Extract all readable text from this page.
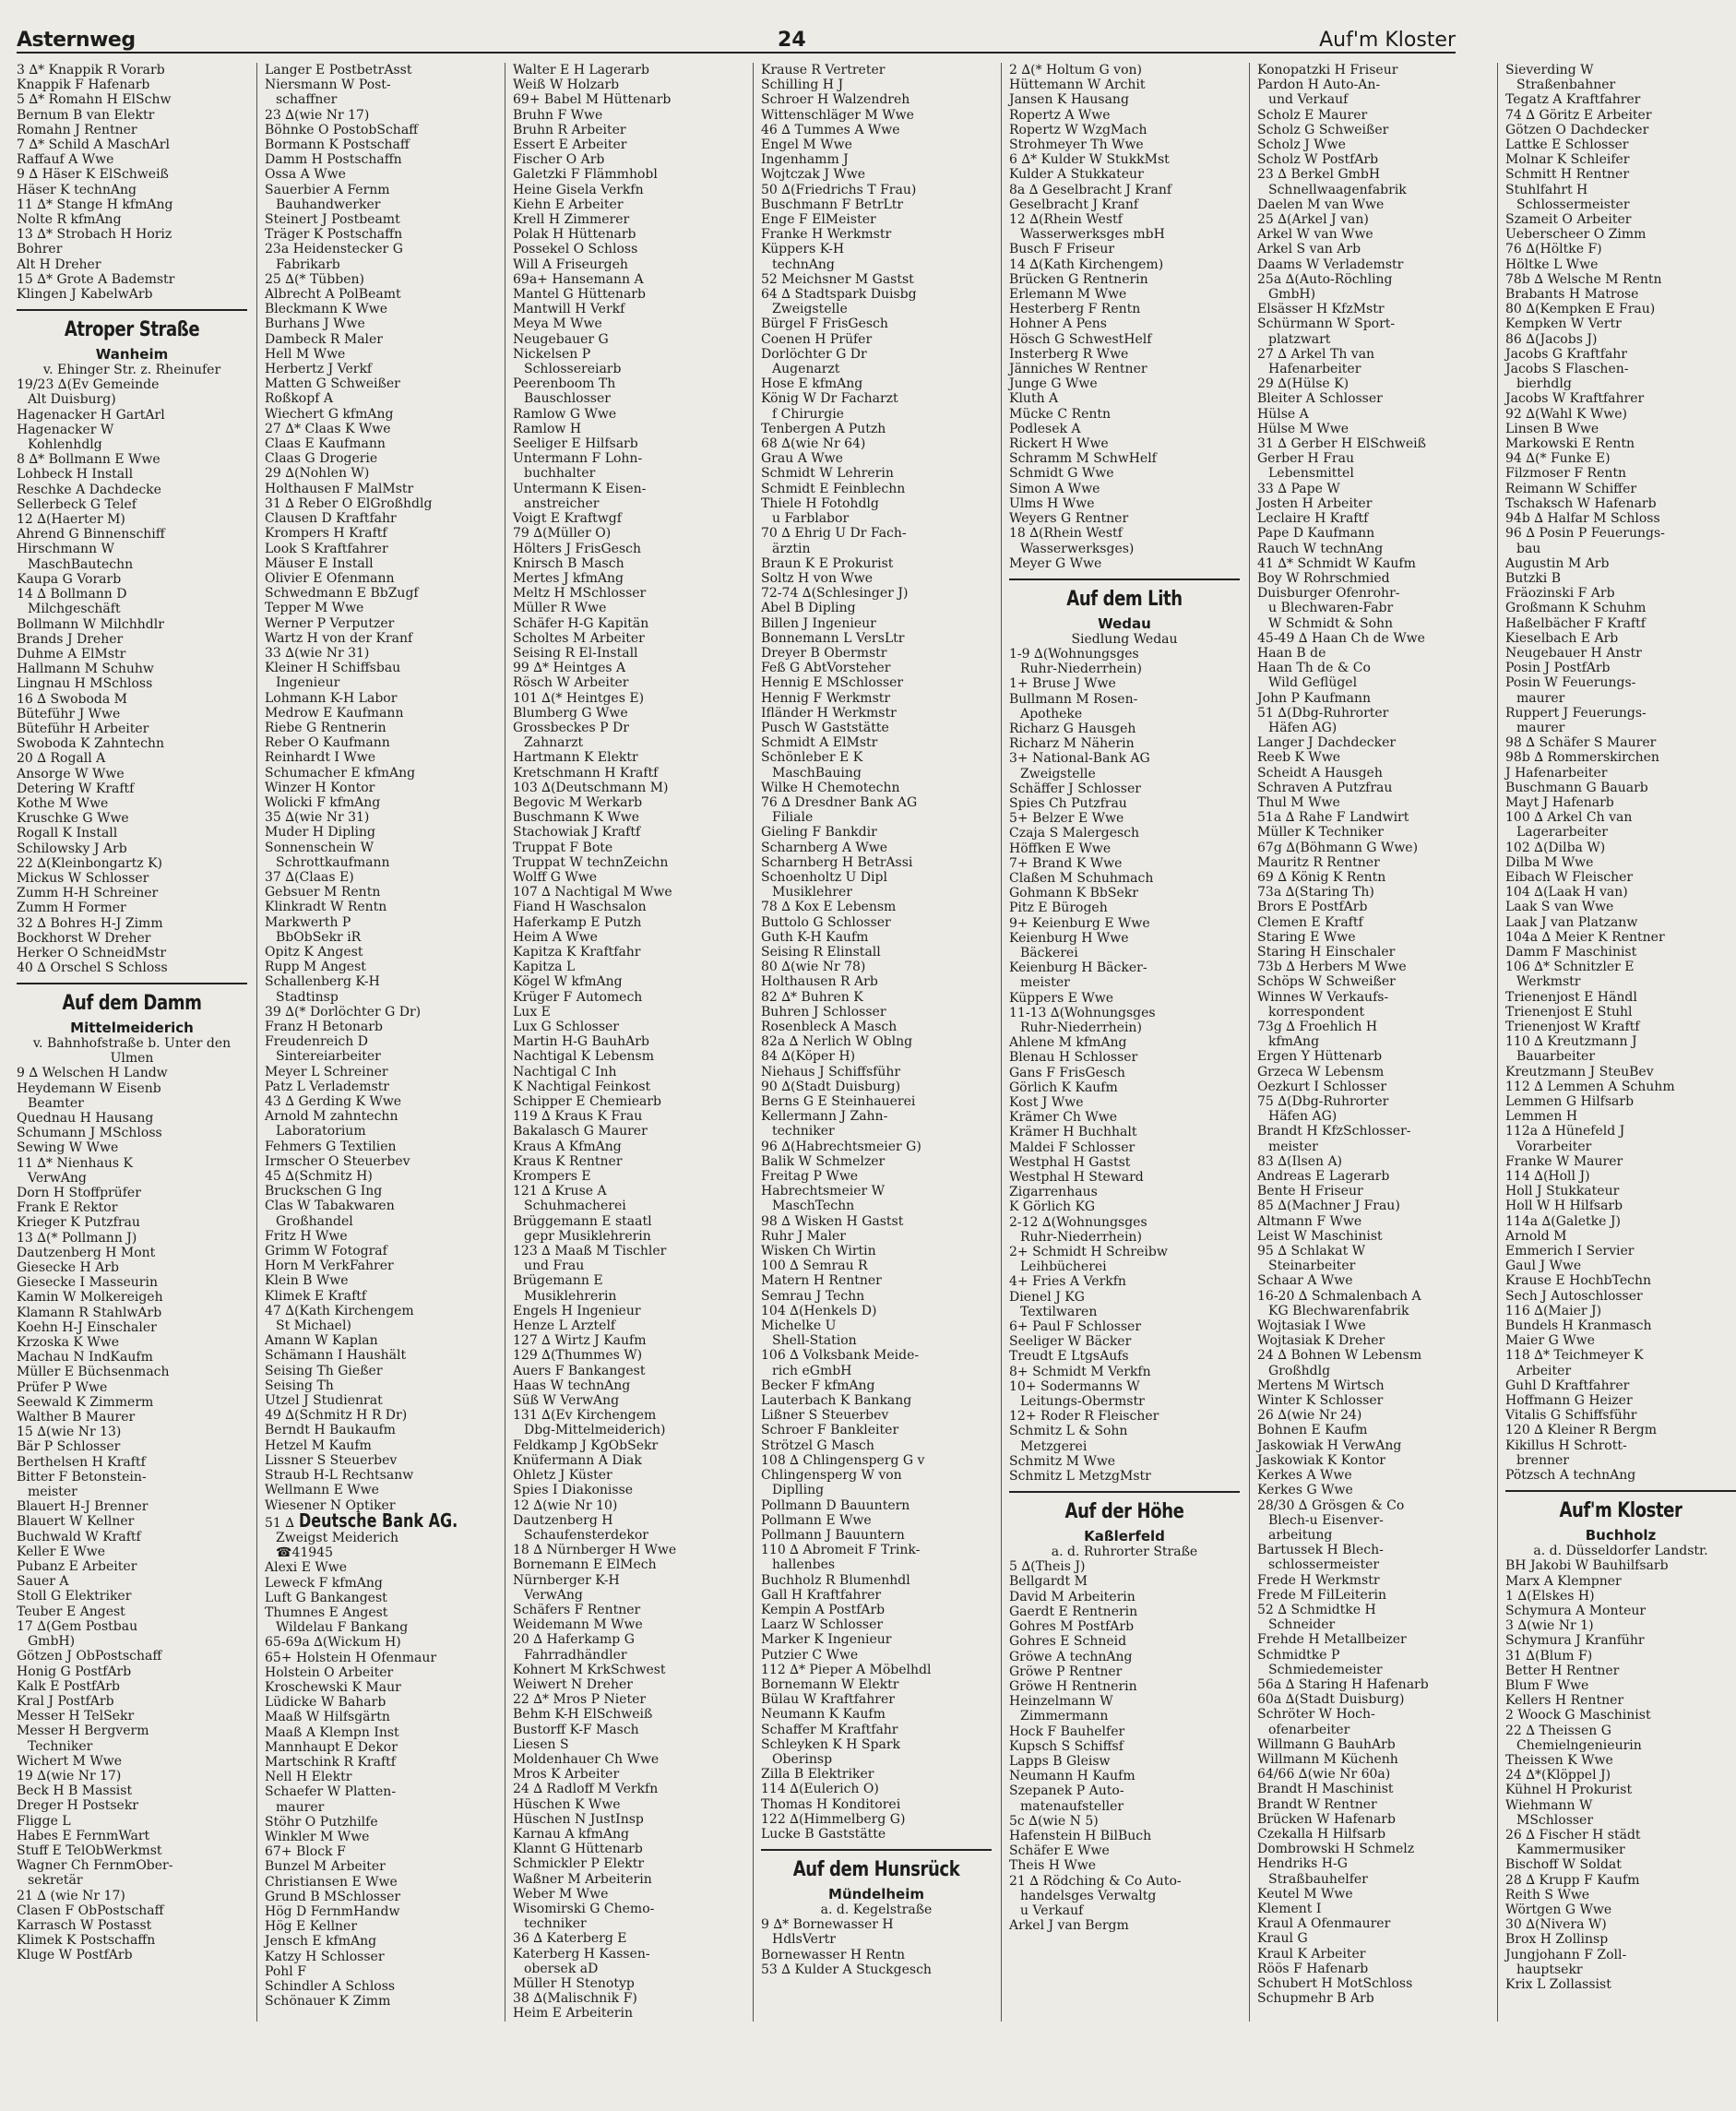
Asternweg	24	Auf'm Kloster
3 ∆* Knappik R Vorarb
Knappik F Hafenarb
5 ∆* Romahn H ElSchw
Bernum B van Elektr
Romahn J Rentner
7 ∆* Schild A MaschArl
Raffauf A Wwe
9 ∆ Häser K ElSchweiß
Häser K technAng
11 ∆* Stange H kfmAng
Nolte R kfmAng
13 ∆* Strobach H Horiz
Bohrer
Alt H Dreher
15 ∆* Grote A Bademstr
Klingen J KabelwArb
Atroper Straße
Wanheim
v. Ehinger Str. z. Rheinufer
19/23 ∆(Ev Gemeinde
Alt Duisburg)
Hagenacker H GartArl
Hagenacker W
Kohlenhdlg
8 ∆* Bollmann E Wwe
Lohbeck H Install
Reschke A Dachdecke
Sellerbeck G Telef
12 ∆(Haerter M)
Ahrend G Binnenschiff
Hirschmann W
MaschBautechn
Kaupa G Vorarb
14 ∆ Bollmann D
Milchgeschäft
Bollmann W Milchhdlr
Brands J Dreher
Duhme A ElMstr
Hallmann M Schuhw
Lingnau H MSchloss
16 ∆ Swoboda M
Büteführ J Wwe
Büteführ H Arbeiter
Swoboda K Zahntechn
20 ∆ Rogall A
Ansorge W Wwe
Detering W Kraftf
Kothe M Wwe
Kruschke G Wwe
Rogall K Install
Schilowsky J Arb
22 ∆(Kleinbongartz K)
Mickus W Schlosser
Zumm H-H Schreiner
Zumm H Former
32 ∆ Bohres H-J Zimm
Bockhorst W Dreher
Herker O SchneidMstr
40 ∆ Orschel S Schloss
Auf dem Damm
Mittelmeiderich
v. Bahnhofstraße b. Unter den Ulmen
9 ∆ Welschen H Landw
Heydemann W Eisenb
Beamter
Quednau H Hausang
Schumann J MSchloss
Sewing W Wwe
11 ∆* Nienhaus K
VerwAng
Dorn H Stoffprüfer
Frank E Rektor
Krieger K Putzfrau
13 ∆(* Pollmann J)
Dautzenberg H Mont
Giesecke H Arb
Giesecke I Masseurin
Kamin W Molkereigeh
Klamann R StahlwArb
Koehn H-J Einschaler
Krzoska K Wwe
Machau N IndKaufm
Müller E Büchsenmach
Prüfer P Wwe
Seewald K Zimmerm
Walther B Maurer
15 ∆(wie Nr 13)
Bär P Schlosser
Berthelsen H Kraftf
Bitter F Betonstein-
meister
Blauert H-J Brenner
Blauert W Kellner
Buchwald W Kraftf
Keller E Wwe
Pubanz E Arbeiter
Sauer A
Stoll G Elektriker
Teuber E Angest
17 ∆(Gem Postbau
GmbH)
Götzen J ObPostschaff
Honig G PostfArb
Kalk E PostfArb
Kral J PostfArb
Messer H TelSekr
Messer H Bergverm
Techniker
Wichert M Wwe
19 ∆(wie Nr 17)
Beck H B Massist
Dreger H Postsekr
Fligge L
Habes E FernmWart
Stuff E TelObWerkmst
Wagner Ch FernmOber-
sekretär
21 ∆ (wie Nr 17)
Clasen F ObPostschaff
Karrasch W Postasst
Klimek K Postschaffn
Kluge W PostfArb
Langer E PostbetrAsst
Niersmann W Post-
schaffner
23 ∆(wie Nr 17)
Böhnke O PostobSchaff
Bormann K Postschaff
Damm H Postschaffn
Ossa A Wwe
Sauerbier A Fernm
Bauhandwerker
Steinert J Postbeamt
Träger K Postschaffn
23a Heidenstecker G
Fabrikarb
25 ∆(* Tübben)
Albrecht A PolBeamt
Bleckmann K Wwe
Burhans J Wwe
Dambeck R Maler
Hell M Wwe
Herbertz J Verkf
Matten G Schweißer
Roßkopf A
Wiechert G kfmAng
27 ∆* Claas K Wwe
Claas E Kaufmann
Claas G Drogerie
29 ∆(Nohlen W)
Holthausen F MalMstr
31 ∆ Reber O ElGroßhdlg
Clausen D Kraftfahr
Krompers H Kraftf
Look S Kraftfahrer
Mäuser E Install
Olivier E Ofenmann
Schwedmann E BbZugf
Tepper M Wwe
Werner P Verputzer
Wartz H von der Kranf
33 ∆(wie Nr 31)
Kleiner H Schiffsbau
Ingenieur
Lohmann K-H Labor
Medrow E Kaufmann
Riebe G Rentnerin
Reber O Kaufmann
Reinhardt I Wwe
Schumacher E kfmAng
Winzer H Kontor
Wolicki F kfmAng
35 ∆(wie Nr 31)
Muder H Dipling
Sonnenschein W
Schrottkaufmann
37 ∆(Claas E)
Gebsuer M Rentn
Klinkradt W Rentn
Markwerth P
BbObSekr iR
Opitz K Angest
Rupp M Angest
Schallenberg K-H
Stadtinsp
39 ∆(* Dorlöchter G Dr)
Franz H Betonarb
Freudenreich D
Sintereiarbeiter
Meyer L Schreiner
Patz L Verlademstr
43 ∆ Gerding K Wwe
Arnold M zahntechn
Laboratorium
Fehmers G Textilien
Irmscher O Steuerbev
45 ∆(Schmitz H)
Bruckschen G Ing
Clas W Tabakwaren
Großhandel
Fritz H Wwe
Grimm W Fotograf
Horn M VerkFahrer
Klein B Wwe
Klimek E Kraftf
47 ∆(Kath Kirchengem
St Michael)
Amann W Kaplan
Schämann I Haushält
Seising Th Gießer
Seising Th
Utzel J Studienrat
49 ∆(Schmitz H R Dr)
Berndt H Baukaufm
Hetzel M Kaufm
Lissner S Steuerbev
Straub H-L Rechtsanw
Wellmann E Wwe
Wiesener N Optiker
51 ∆ Deutsche Bank AG.
Zweigst Meiderich
☎41945
Alexi E Wwe
Leweck F kfmAng
Luft G Bankangest
Thumnes E Angest
Wildelau F Bankang
65-69a ∆(Wickum H)
65+ Holstein H Ofenmaur
Holstein O Arbeiter
Kroschewski K Maur
Lüdicke W Baharb
Maaß W Hilfsgärtn
Maaß A Klempn Inst
Mannhaupt E Dekor
Martschink R Kraftf
Nell H Elektr
Schaefer W Platten-
maurer
Stöhr O Putzhilfe
Winkler M Wwe
67+ Block F
Bunzel M Arbeiter
Christiansen E Wwe
Grund B MSchlosser
Hög D FernmHandw
Hög E Kellner
Jensch E kfmAng
Katzy H Schlosser
Pohl F
Schindler A Schloss
Schönauer K Zimm
Walter E H Lagerarb
Weiß W Holzarb
69+ Babel M Hüttenarb
Bruhn F Wwe
Bruhn R Arbeiter
Essert E Arbeiter
Fischer O Arb
Galetzki F Flämmhobl
Heine Gisela Verkfn
Kiehn E Arbeiter
Krell H Zimmerer
Polak H Hüttenarb
Possekel O Schloss
Will A Friseurgeh
69a+ Hansemann A
Mantel G Hüttenarb
Mantwill H Verkf
Meya M Wwe
Neugebauer G
Nickelsen P
Schlossereiarb
Peerenboom Th
Bauschlosser
Ramlow G Wwe
Ramlow H
Seeliger E Hilfsarb
Untermann F Lohn-
buchhalter
Untermann K Eisen-
anstreicher
Voigt E Kraftwgf
79 ∆(Müller O)
Hölters J FrisGesch
Knirsch B Masch
Mertes J kfmAng
Meltz H MSchlosser
Müller R Wwe
Schäfer H-G Kapitän
Scholtes M Arbeiter
Seising R El-Install
99 ∆* Heintges A
Rösch W Arbeiter
101 ∆(* Heintges E)
Blumberg G Wwe
Grossbeckes P Dr
Zahnarzt
Hartmann K Elektr
Kretschmann H Kraftf
103 ∆(Deutschmann M)
Begovic M Werkarb
Buschmann K Wwe
Stachowiak J Kraftf
Truppat F Bote
Truppat W technZeichn
Wolff G Wwe
107 ∆ Nachtigal M Wwe
Fiand H Waschsalon
Haferkamp E Putzh
Heim A Wwe
Kapitza K Kraftfahr
Kapitza L
Kögel W kfmAng
Krüger F Automech
Lux E
Lux G Schlosser
Martin H-G BauhArb
Nachtigal K Lebensm
Nachtigal C Inh
K Nachtigal Feinkost
Schipper E Chemiearb
119 ∆ Kraus K Frau
Bakalasch G Maurer
Kraus A KfmAng
Kraus K Rentner
Krompers E
121 ∆ Kruse A
Schuhmacherei
Brüggemann E staatl
gepr Musiklehrerin
123 ∆ Maaß M Tischler
und Frau
Brügemann E
Musiklehrerin
Engels H Ingenieur
Henze L Arztelf
127 ∆ Wirtz J Kaufm
129 ∆(Thummes W)
Auers F Bankangest
Haas W technAng
Süß W VerwAng
131 ∆(Ev Kirchengem
Dbg-Mittelmeiderich)
Feldkamp J KgObSekr
Knüfermann A Diak
Ohletz J Küster
Spies I Diakonisse
12 ∆(wie Nr 10)
Dautzenberg H
Schaufensterdekor
18 ∆ Nürnberger H Wwe
Bornemann E ElMech
Nürnberger K-H
VerwAng
Schäfers F Rentner
Weidemann M Wwe
20 ∆ Haferkamp G
Fahrradhändler
Kohnert M KrkSchwest
Weiwert N Dreher
22 ∆* Mros P Nieter
Behm K-H ElSchweiß
Bustorff K-F Masch
Liesen S
Moldenhauer Ch Wwe
Mros K Arbeiter
24 ∆ Radloff M Verkfn
Hüschen K Wwe
Hüschen N JustInsp
Karnau A kfmAng
Klannt G Hüttenarb
Schmickler P Elektr
Waßner M Arbeiterin
Weber M Wwe
Wisomirski G Chemo-
techniker
36 ∆ Katerberg E
Katerberg H Kassen-
obersek aD
Müller H Stenotyp
38 ∆(Malischnik F)
Heim E Arbeiterin
Krause R Vertreter
Schilling H J
Schroer H Walzendreh
Wittenschläger M Wwe
46 ∆ Tummes A Wwe
Engel M Wwe
Ingenhamm J
Wojtczak J Wwe
50 ∆(Friedrichs T Frau)
Buschmann F BetrLtr
Enge F ElMeister
Franke H Werkmstr
Küppers K-H
technAng
52 Meichsner M Gastst
64 ∆ Stadtspark Duisbg
Zweigstelle
Bürgel F FrisGesch
Coenen H Prüfer
Dorlöchter G Dr
Augenarzt
Hose E kfmAng
König W Dr Facharzt
f Chirurgie
Tenbergen A Putzh
68 ∆(wie Nr 64)
Grau A Wwe
Schmidt W Lehrerin
Schmidt E Feinblechn
Thiele H Fotohdlg
u Farblabor
70 ∆ Ehrig U Dr Fach-
ärztin
Braun K E Prokurist
Soltz H von Wwe
72-74 ∆(Schlesinger J)
Abel B Dipling
Billen J Ingenieur
Bonnemann L VersLtr
Dreyer B Obermstr
Feß G AbtVorsteher
Hennig E MSchlosser
Hennig F Werkmstr
Ifländer H Werkmstr
Pusch W Gaststätte
Schmidt A ElMstr
Schönleber E K
MaschBauing
Wilke H Chemotechn
76 ∆ Dresdner Bank AG
Filiale
Gieling F Bankdir
Scharnberg A Wwe
Scharnberg H BetrAssi
Schoenholtz U Dipl
Musiklehrer
78 ∆ Kox E Lebensm
Buttolo G Schlosser
Guth K-H Kaufm
Seising R Elinstall
80 ∆(wie Nr 78)
Holthausen R Arb
82 ∆* Buhren K
Buhren J Schlosser
Rosenbleck A Masch
82a ∆ Nerlich W Oblng
84 ∆(Köper H)
Niehaus J Schiffsführ
90 ∆(Stadt Duisburg)
Berns G E Steinhauerei
Kellermann J Zahn-
techniker
96 ∆(Habrechtsmeier G)
Balik W Schmelzer
Freitag P Wwe
Habrechtsmeier W
MaschTechn
98 ∆ Wisken H Gastst
Ruhr J Maler
Wisken Ch Wirtin
100 ∆ Semrau R
Matern H Rentner
Semrau J Techn
104 ∆(Henkels D)
Michelke U
Shell-Station
106 ∆ Volksbank Meide-
rich eGmbH
Becker F kfmAng
Lauterbach K Bankang
Lißner S Steuerbev
Schroer F Bankleiter
Strötzel G Masch
108 ∆ Chlingensperg G v
Chlingensperg W von
Diplling
Pollmann D Bauuntern
Pollmann E Wwe
Pollmann J Bauuntern
110 ∆ Abromeit F Trink-
hallenbes
Buchholz R Blumenhdl
Gall H Kraftfahrer
Kempin A PostfArb
Laarz W Schlosser
Marker K Ingenieur
Putzier C Wwe
112 ∆* Pieper A Möbelhdl
Bornemann W Elektr
Bülau W Kraftfahrer
Neumann K Kaufm
Schaffer M Kraftfahr
Schleyken K H Spark
Oberinsp
Zilla B Elektriker
114 ∆(Eulerich O)
Thomas H Konditorei
122 ∆(Himmelberg G)
Lucke B Gaststätte
Auf dem Hunsrück
Mündelheim
a. d. Kegelstraße
9 ∆* Bornewasser H
HdlsVertr
Bornewasser H Rentn
53 ∆ Kulder A Stuckgesch
2 ∆(* Holtum G von)
Hüttemann W Archit
Jansen K Hausang
Ropertz A Wwe
Ropertz W WzgMach
Strohmeyer Th Wwe
6 ∆* Kulder W StukkMst
Kulder A Stukkateur
8a ∆ Geselbracht J Kranf
Geselbracht J Kranf
12 ∆(Rhein Westf
Wasserwerksges mbH
Busch F Friseur
14 ∆(Kath Kirchengem)
Brücken G Rentnerin
Erlemann M Wwe
Hesterberg F Rentn
Hohner A Pens
Hösch G SchwestHelf
Insterberg R Wwe
Jänniches W Rentner
Junge G Wwe
Kluth A
Mücke C Rentn
Podlesek A
Rickert H Wwe
Schramm M SchwHelf
Schmidt G Wwe
Simon A Wwe
Ulms H Wwe
Weyers G Rentner
18 ∆(Rhein Westf
Wasserwerksges)
Meyer G Wwe
Auf dem Lith
Wedau
Siedlung Wedau
1-9 ∆(Wohnungsges
Ruhr-Niederrhein)
1+ Bruse J Wwe
Bullmann M Rosen-
Apotheke
Richarz G Hausgeh
Richarz M Näherin
3+ National-Bank AG
Zweigstelle
Schäffer J Schlosser
Spies Ch Putzfrau
5+ Belzer E Wwe
Czaja S Malergesch
Höffken E Wwe
7+ Brand K Wwe
Claßen M Schuhmach
Gohmann K BbSekr
Pitz E Bürogeh
9+ Keienburg E Wwe
Keienburg H Wwe
Bäckerei
Keienburg H Bäcker-
meister
Küppers E Wwe
11-13 ∆(Wohnungsges
Ruhr-Niederrhein)
Ahlene M kfmAng
Blenau H Schlosser
Gans F FrisGesch
Görlich K Kaufm
Kost J Wwe
Krämer Ch Wwe
Krämer H Buchhalt
Maldei F Schlosser
Westphal H Gastst
Westphal H Steward
Zigarrenhaus
K Görlich KG
2-12 ∆(Wohnungsges
Ruhr-Niederrhein)
2+ Schmidt H Schreibw
Leihbücherei
4+ Fries A Verkfn
Dienel J KG
Textilwaren
6+ Paul F Schlosser
Seeliger W Bäcker
Treudt E LtgsAufs
8+ Schmidt M Verkfn
10+ Sodermanns W
Leitungs-Obermstr
12+ Roder R Fleischer
Schmitz L & Sohn
Metzgerei
Schmitz M Wwe
Schmitz L MetzgMstr
Auf der Höhe
Kaßlerfeld
a. d. Ruhrorter Straße
5 ∆(Theis J)
Bellgardt M
David M Arbeiterin
Gaerdt E Rentnerin
Gohres M PostfArb
Gohres E Schneid
Gröwe A technAng
Gröwe P Rentner
Gröwe H Rentnerin
Heinzelmann W
Zimmermann
Hock F Bauhelfer
Kupsch S Schiffsf
Lapps B Gleisw
Neumann H Kaufm
Szepanek P Auto-
matenaufsteller
5c ∆(wie N 5)
Hafenstein H BilBuch
Schäfer E Wwe
Theis H Wwe
21 ∆ Rödching & Co Auto-
handelsges Verwaltg
u Verkauf
Arkel J van Bergm
Konopatzki H Friseur
Pardon H Auto-An-
und Verkauf
Scholz E Maurer
Scholz G Schweißer
Scholz J Wwe
Scholz W PostfArb
23 ∆ Berkel GmbH
Schnellwaagenfabrik
Daelen M van Wwe
25 ∆(Arkel J van)
Arkel W van Wwe
Arkel S van Arb
Daams W Verlademstr
25a ∆(Auto-Röchling
GmbH)
Elsässer H KfzMstr
Schürmann W Sport-
platzwart
27 ∆ Arkel Th van
Hafenarbeiter
29 ∆(Hülse K)
Bleiter A Schlosser
Hülse A
Hülse M Wwe
31 ∆ Gerber H ElSchweiß
Gerber H Frau
Lebensmittel
33 ∆ Pape W
Josten H Arbeiter
Leclaire H Kraftf
Pape D Kaufmann
Rauch W technAng
41 ∆* Schmidt W Kaufm
Boy W Rohrschmied
Duisburger Ofenrohr-
u Blechwaren-Fabr
W Schmidt & Sohn
45-49 ∆ Haan Ch de Wwe
Haan B de
Haan Th de & Co
Wild Geflügel
John P Kaufmann
51 ∆(Dbg-Ruhrorter
Häfen AG)
Langer J Dachdecker
Reeb K Wwe
Scheidt A Hausgeh
Schraven A Putzfrau
Thul M Wwe
51a ∆ Rahe F Landwirt
Müller K Techniker
67g ∆(Böhmann G Wwe)
Mauritz R Rentner
69 ∆ König K Rentn
73a ∆(Staring Th)
Brors E PostfArb
Clemen E Kraftf
Staring E Wwe
Staring H Einschaler
73b ∆ Herbers M Wwe
Schöps W Schweißer
Winnes W Verkaufs-
korrespondent
73g ∆ Froehlich H
kfmAng
Ergen Y Hüttenarb
Grzeca W Lebensm
Oezkurt I Schlosser
75 ∆(Dbg-Ruhrorter
Häfen AG)
Brandt H KfzSchlosser-
meister
83 ∆(Ilsen A)
Andreas E Lagerarb
Bente H Friseur
85 ∆(Machner J Frau)
Altmann F Wwe
Leist W Maschinist
95 ∆ Schlakat W
Steinarbeiter
Schaar A Wwe
16-20 ∆ Schmalenbach A
KG Blechwarenfabrik
Wojtasiak I Wwe
Wojtasiak K Dreher
24 ∆ Bohnen W Lebensm
Großhdlg
Mertens M Wirtsch
Winter K Schlosser
26 ∆(wie Nr 24)
Bohnen E Kaufm
Jaskowiak H VerwAng
Jaskowiak K Kontor
Kerkes A Wwe
Kerkes G Wwe
28/30 ∆ Grösgen & Co
Blech-u Eisenver-
arbeitung
Bartussek H Blech-
schlossermeister
Frede H Werkmstr
Frede M FilLeiterin
52 ∆ Schmidtke H
Schneider
Frehde H Metallbeizer
Schmidtke P
Schmiedemeister
56a ∆ Staring H Hafenarb
60a ∆(Stadt Duisburg)
Schröter W Hoch-
ofenarbeiter
Willmann G BauhArb
Willmann M Küchenh
64/66 ∆(wie Nr 60a)
Brandt H Maschinist
Brandt W Rentner
Brücken W Hafenarb
Czekalla H Hilfsarb
Dombrowski H Schmelz
Hendriks H-G
Straßbauhelfer
Keutel M Wwe
Klement I
Kraul A Ofenmaurer
Kraul G
Kraul K Arbeiter
Röös F Hafenarb
Schubert H MotSchloss
Schupmehr B Arb
Sieverding W
Straßenbahner
Tegatz A Kraftfahrer
74 ∆ Göritz E Arbeiter
Götzen O Dachdecker
Lattke E Schlosser
Molnar K Schleifer
Schmitt H Rentner
Stuhlfahrt H
Schlossermeister
Szameit O Arbeiter
Ueberscheer O Zimm
76 ∆(Höltke F)
Höltke L Wwe
78b ∆ Welsche M Rentn
Brabants H Matrose
80 ∆(Kempken E Frau)
Kempken W Vertr
86 ∆(Jacobs J)
Jacobs G Kraftfahr
Jacobs S Flaschen-
bierhdlg
Jacobs W Kraftfahrer
92 ∆(Wahl K Wwe)
Linsen B Wwe
Markowski E Rentn
94 ∆(* Funke E)
Filzmoser F Rentn
Reimann W Schiffer
Tschaksch W Hafenarb
94b ∆ Halfar M Schloss
96 ∆ Posin P Feuerungs-
bau
Augustin M Arb
Butzki B
Fräozinski F Arb
Großmann K Schuhm
Haßelbächer F Kraftf
Kieselbach E Arb
Neugebauer H Anstr
Posin J PostfArb
Posin W Feuerungs-
maurer
Ruppert J Feuerungs-
maurer
98 ∆ Schäfer S Maurer
98b ∆ Rommerskirchen
J Hafenarbeiter
Buschmann G Bauarb
Mayt J Hafenarb
100 ∆ Arkel Ch van
Lagerarbeiter
102 ∆(Dilba W)
Dilba M Wwe
Eibach W Fleischer
104 ∆(Laak H van)
Laak S van Wwe
Laak J van Platzanw
104a ∆ Meier K Rentner
Damm F Maschinist
106 ∆* Schnitzler E
Werkmstr
Trienenjost E Händl
Trienenjost E Stuhl
Trienenjost W Kraftf
110 ∆ Kreutzmann J
Bauarbeiter
Kreutzmann J SteuBev
112 ∆ Lemmen A Schuhm
Lemmen G Hilfsarb
Lemmen H
112a ∆ Hünefeld J
Vorarbeiter
Franke W Maurer
114 ∆(Holl J)
Holl J Stukkateur
Holl W H Hilfsarb
114a ∆(Galetke J)
Arnold M
Emmerich I Servier
Gaul J Wwe
Krause E HochbTechn
Sech J Autoschlosser
116 ∆(Maier J)
Bundels H Kranmasch
Maier G Wwe
118 ∆* Teichmeyer K
Arbeiter
Guhl D Kraftfahrer
Hoffmann G Heizer
Vitalis G Schiffsführ
120 ∆ Kleiner R Bergm
Kikillus H Schrott-
brenner
Pötzsch A technAng
Auf'm Kloster
Buchholz
a. d. Düsseldorfer Landstr.
BH Jakobi W Bauhilfsarb
Marx A Klempner
1 ∆(Elskes H)
Schymura A Monteur
3 ∆(wie Nr 1)
Schymura J Kranführ
31 ∆(Blum F)
Better H Rentner
Blum F Wwe
Kellers H Rentner
2 Woock G Maschinist
22 ∆ Theissen G
Chemielngenieurin
Theissen K Wwe
24 ∆*(Klöppel J)
Kühnel H Prokurist
Wiehmann W
MSchlosser
26 ∆ Fischer H städt
Kammermusiker
Bischoff W Soldat
28 ∆ Krupp F Kaufm
Reith S Wwe
Wörtgen G Wwe
30 ∆(Nivera W)
Brox H Zollinsp
Jungjohann F Zoll-
hauptsekr
Krix L Zollassist
